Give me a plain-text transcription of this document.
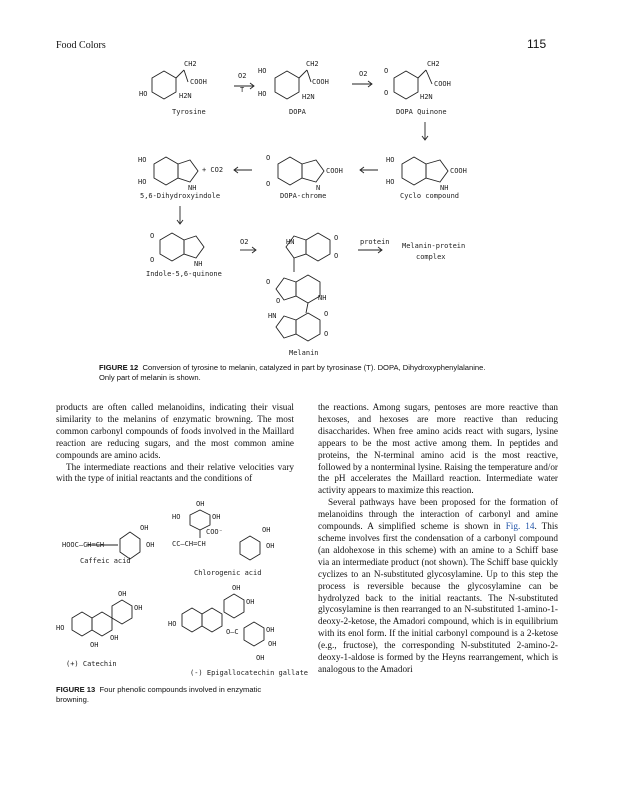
Food Colors	115
CH2
COOH
H2N
HO
Tyrosine
O2
T
HO
HO
CH2
COOH
H2N
DOPA
O2 O
O
CH2
COOH
H2N
DOPA Quinone
HO
HO
COOH
NH
Cyclo compound
O
O
COOH
N
DOPA-chrome
HO
HO
NH
+ CO2
5,6-Dihydroxyindole
O
O	NH
Indole-5,6-quinone
O2	HN	O
O
O
O	NH
HN	O
O
Melanin
protein Melanin-protein
complex
HOOC—CH=CH
OH
OH
Caffeic acid
OH
HO	OH
COO⁻
CC—CH=CH
OH
OH
Chlorogenic acid
OH
OH
HO
OH
OH
(+) Catechin
OH
OH
HO
O—C	OH
OH
OH
(-) Epigallocatechin gallate
FIGURE 12 Conversion of tyrosine to melanin, catalyzed in part by tyrosinase (T). DOPA, Dihydroxyphenylalanine.
Only part of melanin is shown.

products are often called melanoidins, indicating their visual similarity to the melanins of enzymatic browning. The most common carbonyl compounds of foods involved in the Maillard reaction are reducing sugars, and the most common amine compounds are amino acids.

The intermediate reactions and their relative velocities vary with the type of initial reactants and the conditions of

FIGURE 13 Four phenolic compounds involved in enzymatic
browning.

the reactions. Among sugars, pentoses are more reactive than hexoses, and hexoses are more reactive than reducing disaccharides. When free amino acids react with sugars, lysine appears to be the most active among them. In peptides and proteins, the N-terminal amino acid is the most reactive, followed by a nonterminal lysine. Raising the temperature and/or the pH accelerates the Maillard reaction. Intermediate water activity appears to maximize this reaction.

Several pathways have been proposed for the formation of melanoidins through the interaction of carbonyl and amine compounds. A simplified scheme is shown in Fig. 14. This scheme involves first the condensation of a carbonyl compound (an aldohexose in this scheme) with an amine to a Schiff base via an intermediate product (not shown). The Schiff base quickly cyclizes to an N-substituted glycosylamine. Up to this step the process is reversible because the glycosylamine can be hydrolyzed back to the initial reactants. The N-substituted glycosylamine is then rearranged to an N-substituted 1-amino-1-deoxy-2-ketose, the Amadori compound, which is in equilibrium with its enol form. If the initial carbonyl compound is a 2-ketose (e.g., fructose), the corresponding N-substituted 2-amino-2-deoxy-1-aldose is formed by the Heyns rearrangement, which is analogous to the Amadori
